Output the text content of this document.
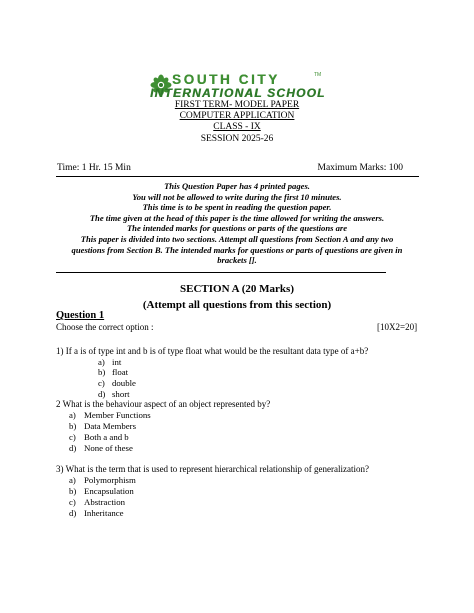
SOUTH CITY	TM
INTERNATIONAL SCHOOL
FIRST TERM- MODEL PAPER
COMPUTER APPLICATION
CLASS - IX
SESSION 2025-26
Time: 1 Hr. 15 Min	Maximum Marks: 100
This Question Paper has 4 printed pages.
You will not be allowed to write during the first 10 minutes.
This time is to be spent in reading the question paper.
The time given at the head of this paper is the time allowed for writing the answers.
The intended marks for questions or parts of the questions are
This paper is divided into two sections. Attempt all questions from Section A and any two
questions from Section B. The intended marks for questions or parts of questions are given in
brackets [].
SECTION A (20 Marks)
(Attempt all questions from this section)
Question 1
Choose the correct option :	[10X2=20]
1) If a is of type int and b is of type float what would be the resultant data type of a+b?
a) int
b) float
c) double
d) short
2 What is the behaviour aspect of an object represented by?
a) Member Functions
b) Data Members
c) Both a and b
d) None of these
3) What is the term that is used to represent hierarchical relationship of generalization?
a) Polymorphism
b) Encapsulation
c) Abstraction
d) Inheritance
